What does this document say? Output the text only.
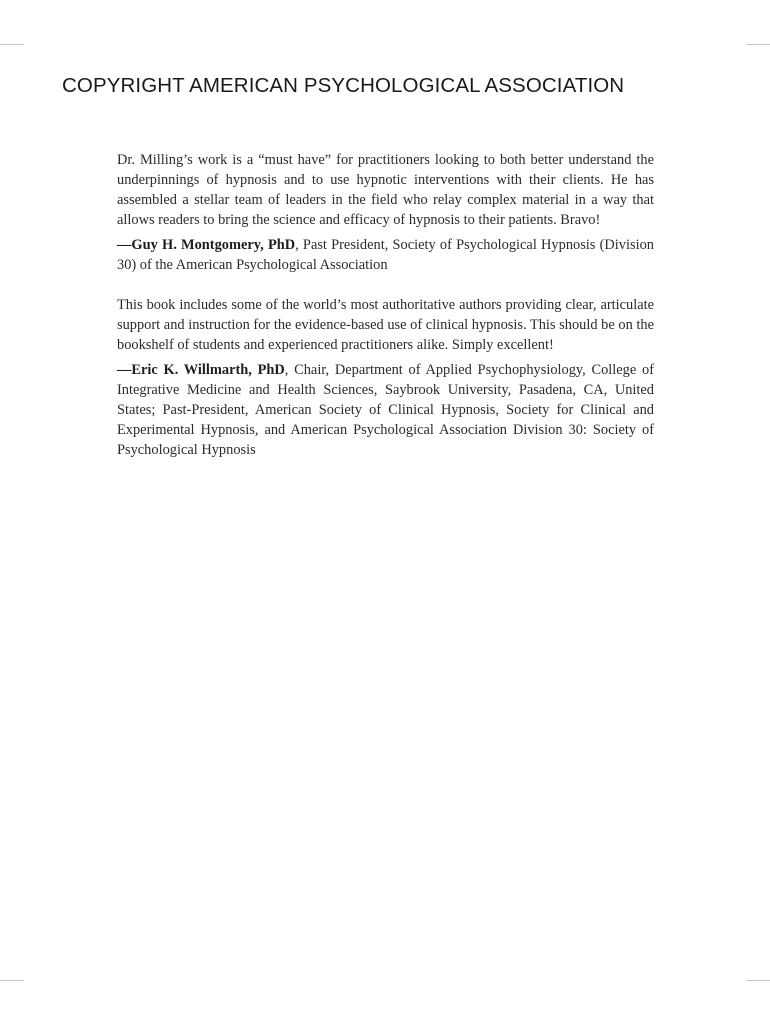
COPYRIGHT AMERICAN PSYCHOLOGICAL ASSOCIATION

Dr. Milling’s work is a “must have” for practitioners looking to both better understand the underpinnings of hypnosis and to use hypnotic interventions with their clients. He has assembled a stellar team of leaders in the field who relay complex material in a way that allows readers to bring the science and efficacy of hypnosis to their patients. Bravo!

—Guy H. Montgomery, PhD, Past President, Society of Psychological Hypnosis (Division 30) of the American Psychological Association

This book includes some of the world’s most authoritative authors providing clear, articulate support and instruction for the evidence-based use of clinical hypnosis. This should be on the bookshelf of students and experienced practitioners alike. Simply excellent!

—Eric K. Willmarth, PhD, Chair, Department of Applied Psychophysiology, College of Integrative Medicine and Health Sciences, Saybrook University, Pasadena, CA, United States; Past-President, American Society of Clinical Hypnosis, Society for Clinical and Experimental Hypnosis, and American Psychological Association Division 30: Society of Psychological Hypnosis
